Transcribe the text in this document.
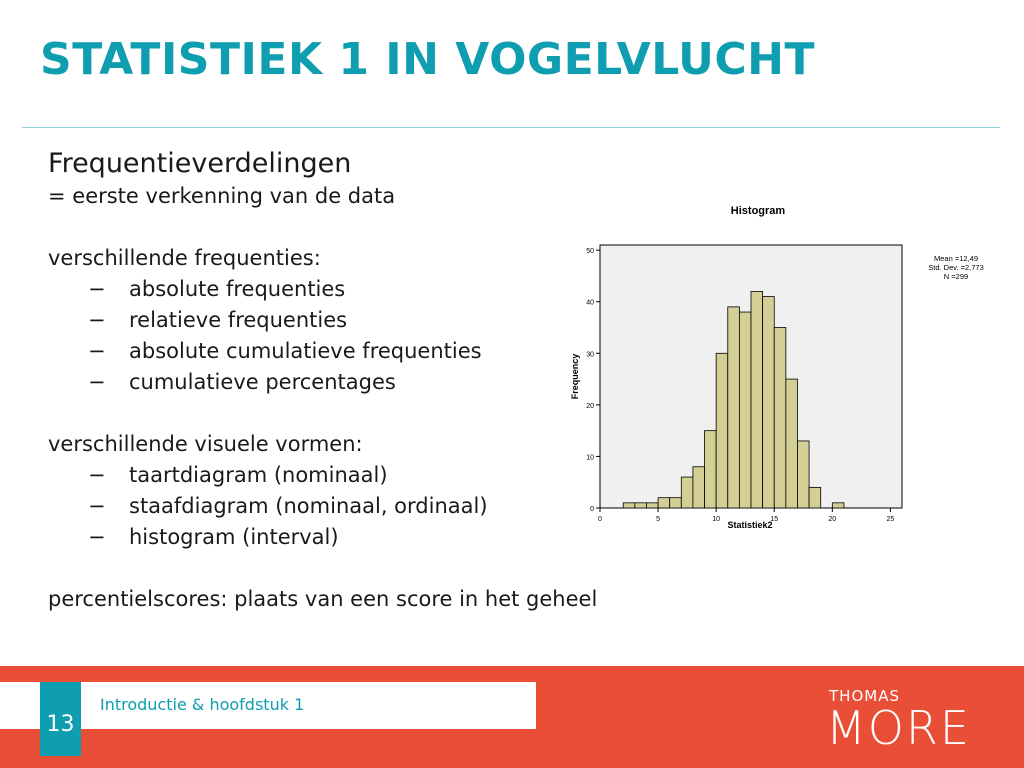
STATISTIEK 1 IN VOGELVLUCHT
Frequentieverdelingen
= eerste verkenning van de data
verschillende frequenties:
− absolute frequenties
− relatieve frequenties
− absolute cumulatieve frequenties
− cumulatieve percentages
verschillende visuele vormen:
− taartdiagram (nominaal)
− staafdiagram (nominaal, ordinaal)
− histogram (interval)
percentielscores: plaats van een score in het geheel
Histogram
0
10
20
30
40
50
0	5	10	15	20	25
Frequency
Statistiek2
Mean =12,49
Std. Dev. =2,773
N =299
Introductie & hoofdstuk 1
13
THOMAS
MORE
